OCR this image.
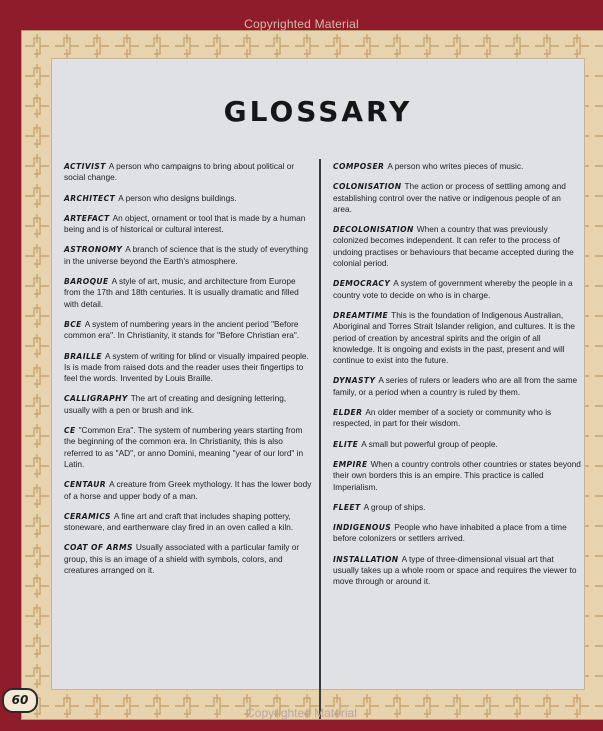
Copyrighted Material
GLOSSARY
ACTIVIST A person who campaigns to bring about political or social change.
ARCHITECT A person who designs buildings.
ARTEFACT An object, ornament or tool that is made by a human being and is of historical or cultural interest.
ASTRONOMY A branch of science that is the study of everything in the universe beyond the Earth's atmosphere.
BAROQUE A style of art, music, and architecture from Europe from the 17th and 18th centuries. It is usually dramatic and filled with detail.
BCE A system of numbering years in the ancient period "Before common era". In Christianity, it stands for "Before Christian era".
BRAILLE A system of writing for blind or visually impaired people. Is is made from raised dots and the reader uses their fingertips to feel the words. Invented by Louis Braille.
CALLIGRAPHY The art of creating and designing lettering, usually with a pen or brush and ink.
CE "Common Era". The system of numbering years starting from the beginning of the common era. In Christianity, this is also referred to as "AD", or anno Domini, meaning "year of our lord" in Latin.
CENTAUR A creature from Greek mythology. It has the lower body of a horse and upper body of a man.
CERAMICS A fine art and craft that includes shaping pottery, stoneware, and earthenware clay fired in an oven called a kiln.
COAT OF ARMS Usually associated with a particular family or group, this is an image of a shield with symbols, colors, and creatures arranged on it.
COMPOSER A person who writes pieces of music.
COLONISATION The action or process of settling among and establishing control over the native or indigenous people of an area.
DECOLONISATION When a country that was previously colonized becomes independent. It can refer to the process of undoing practises or behaviours that became accepted during the colonial period.
DEMOCRACY A system of government whereby the people in a country vote to decide on who is in charge.
DREAMTIME This is the foundation of Indigenous Australian, Aboriginal and Torres Strait Islander religion, and cultures. It is the period of creation by ancestral spirits and the origin of all knowledge. It is ongoing and exists in the past, present and will continue to exist into the future.
DYNASTY A series of rulers or leaders who are all from the same family, or a period when a country is ruled by them.
ELDER An older member of a society or community who is respected, in part for their wisdom.
ELITE A small but powerful group of people.
EMPIRE When a country controls other countries or states beyond their own borders this is an empire. This practice is called Imperialism.
FLEET A group of ships.
INDIGENOUS People who have inhabited a place from a time before colonizers or settlers arrived.
INSTALLATION A type of three-dimensional visual art that usually takes up a whole room or space and requires the viewer to move through or around it.
60
Copyrighted Material
